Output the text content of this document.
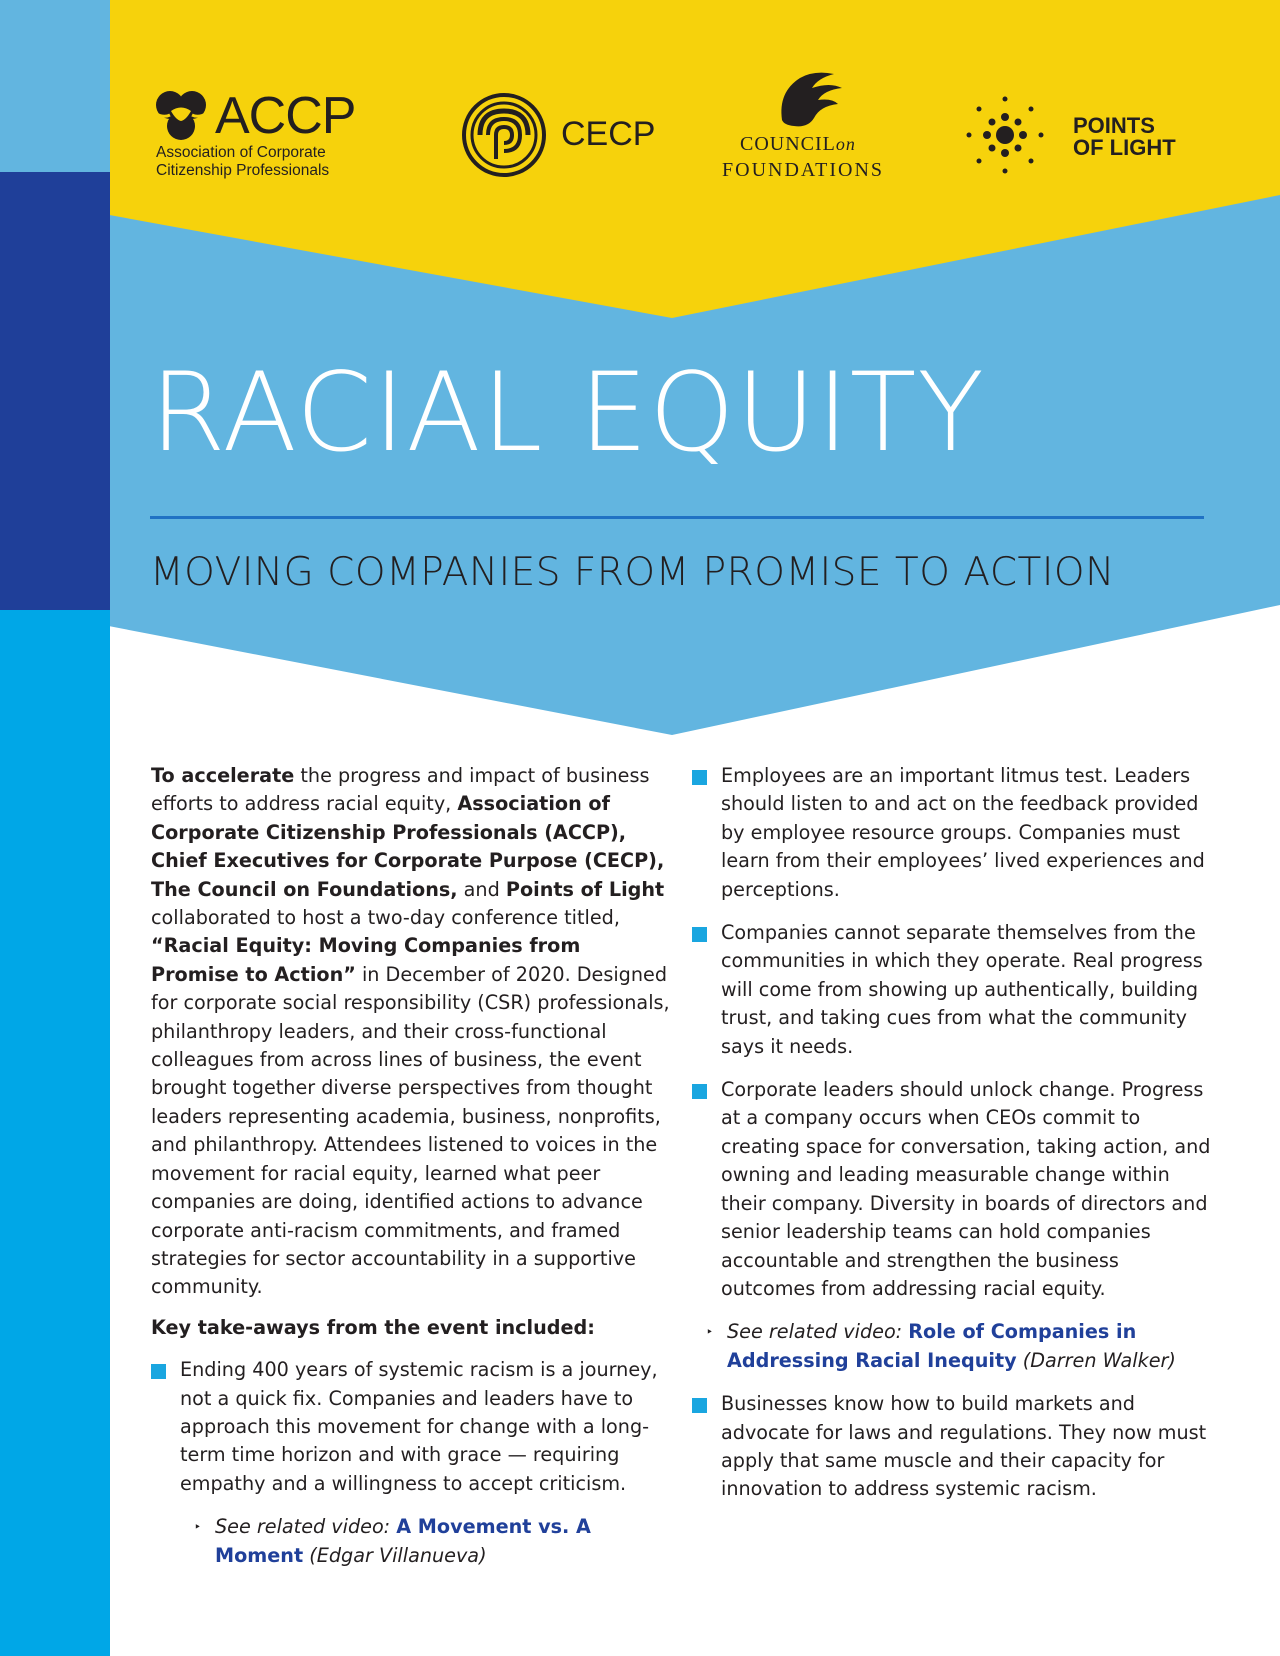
ACCP
Association of Corporate
Citizenship Professionals
CECP	COUNCILon
FOUNDATIONS
POINTS
OF LIGHT
RACIAL EQUITY
MOVING COMPANIES FROM PROMISE TO ACTION

To accelerate the progress and impact of business efforts to address racial equity, Association of Corporate Citizenship Professionals (ACCP), Chief Executives for Corporate Purpose (CECP), The Council on Foundations, and Points of Light collaborated to host a two-day conference titled, “Racial Equity: Moving Companies from Promise to Action” in December of 2020. Designed for corporate social responsibility (CSR) professionals, philanthropy leaders, and their cross-functional colleagues from across lines of business, the event brought together diverse perspectives from thought leaders representing academia, business, nonprofits, and philanthropy. Attendees listened to voices in the movement for racial equity, learned what peer companies are doing, identified actions to advance corporate anti-racism commitments, and framed strategies for sector accountability in a supportive community.

Key take-aways from the event included:

Ending 400 years of systemic racism is a journey, not a quick fix. Companies and leaders have to approach this movement for change with a long-term time horizon and with grace — requiring empathy and a willingness to accept criticism.
‣ See related video: A Movement vs. A Moment (Edgar Villanueva)
Employees are an important litmus test. Leaders should listen to and act on the feedback provided by employee resource groups. Companies must learn from their employees’ lived experiences and perceptions.
Companies cannot separate themselves from the communities in which they operate. Real progress will come from showing up authentically, building trust, and taking cues from what the community says it needs.
Corporate leaders should unlock change. Progress at a company occurs when CEOs commit to creating space for conversation, taking action, and owning and leading measurable change within their company. Diversity in boards of directors and senior leadership teams can hold companies accountable and strengthen the business outcomes from addressing racial equity.
‣ See related video: Role of Companies in Addressing Racial Inequity (Darren Walker)
Businesses know how to build markets and advocate for laws and regulations. They now must apply that same muscle and their capacity for innovation to address systemic racism.
